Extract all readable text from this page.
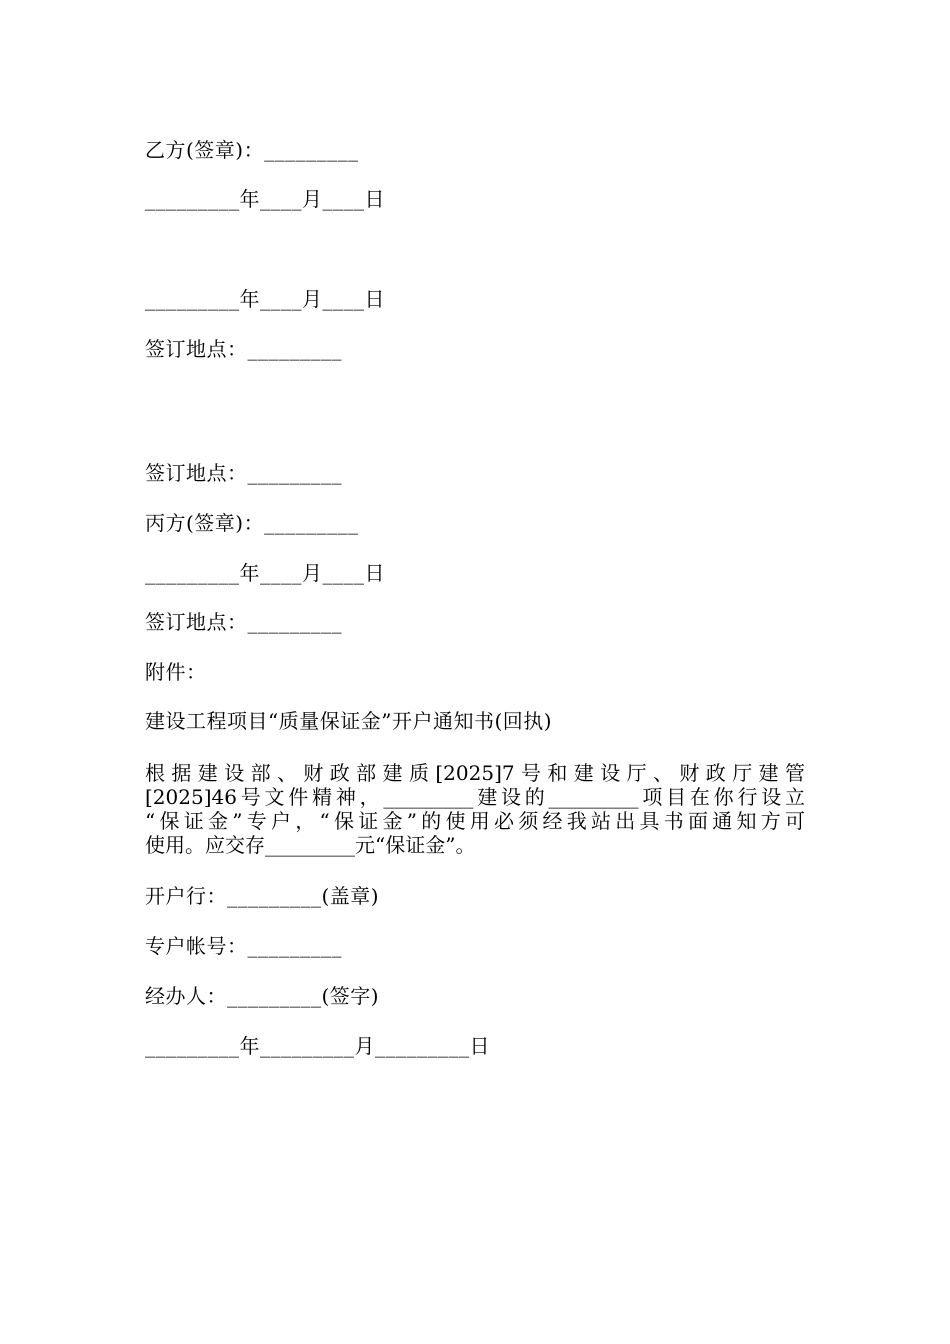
乙方(签章)：_________
_________年____月____日
_________年____月____日
签订地点：_________
签订地点：_________
丙方(签章)：_________
_________年____月____日
签订地点：_________
附件：
建设工程项目“质量保证金”开户通知书(回执)
根据建设部、财政部建质[2025]7号和建设厅、财政厅建管
[2025]46号文件精神，_________建设的_________项目在你行设立
“保证金”专户，“保证金”的使用必须经我站出具书面通知方可
使用。应交存_________元“保证金”。
开户行：_________(盖章)
专户帐号：_________
经办人：_________(签字)
_________年_________月_________日
